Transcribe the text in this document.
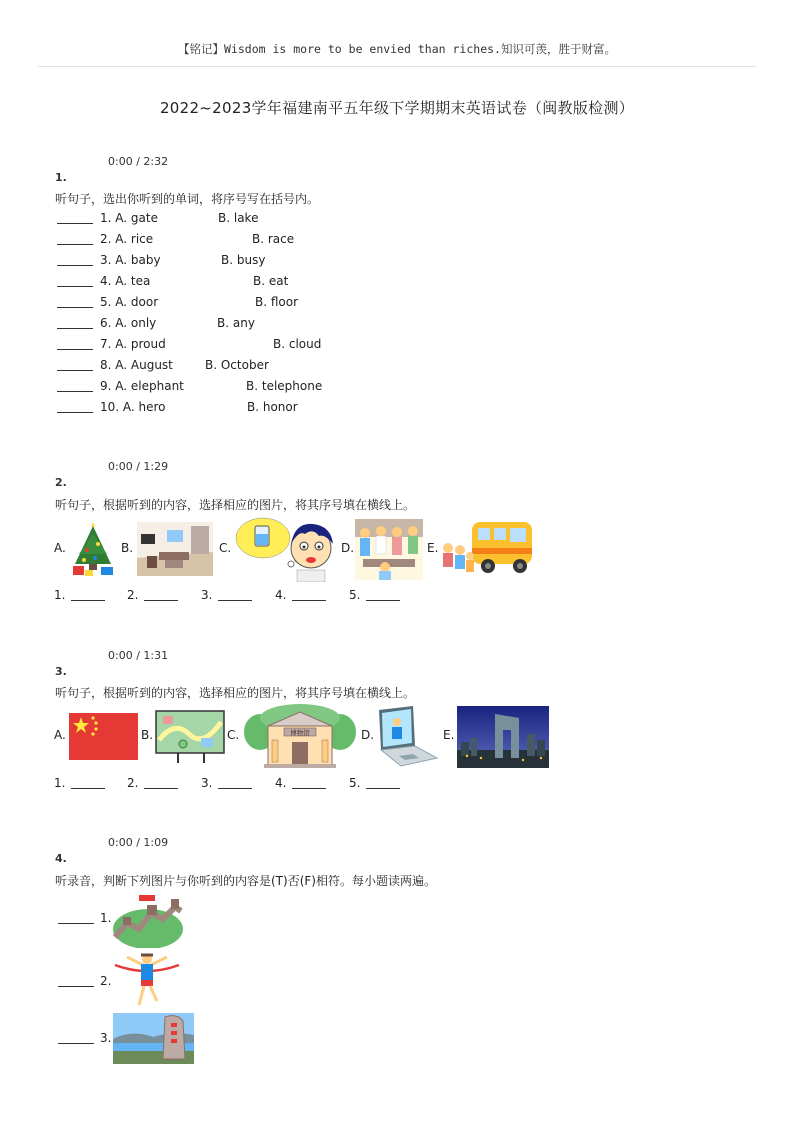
【铭记】Wisdom is more to be envied than riches.知识可羡，胜于财富。
2022~2023学年福建南平五年级下学期期末英语试卷（闽教版检测）
0:00 / 2:32
1.
听句子，选出你听到的单词，将序号写在括号内。
1. A. gate	B. lake
2. A. rice	B. race
3. A. baby	B. busy
4. A. tea	B. eat
5. A. door	B. floor
6. A. only	B. any
7. A. proud	B. cloud
8. A. August	B. October
9. A. elephant	B. telephone
10. A. hero	B. honor
0:00 / 1:29
2.
听句子，根据听到的内容，选择相应的图片，将其序号填在横线上。
A.	B.	C.	D.	E.
1.	2.	3.	4.	5.
0:00 / 1:31
3.
听句子，根据听到的内容，选择相应的图片，将其序号填在横线上。
A.	B.	C.	博物馆	D.	E.
1.	2.	3.	4.	5.
0:00 / 1:09
4.
听录音，判断下列图片与你听到的内容是(T)否(F)相符。每小题读两遍。
1.
2.
3.
